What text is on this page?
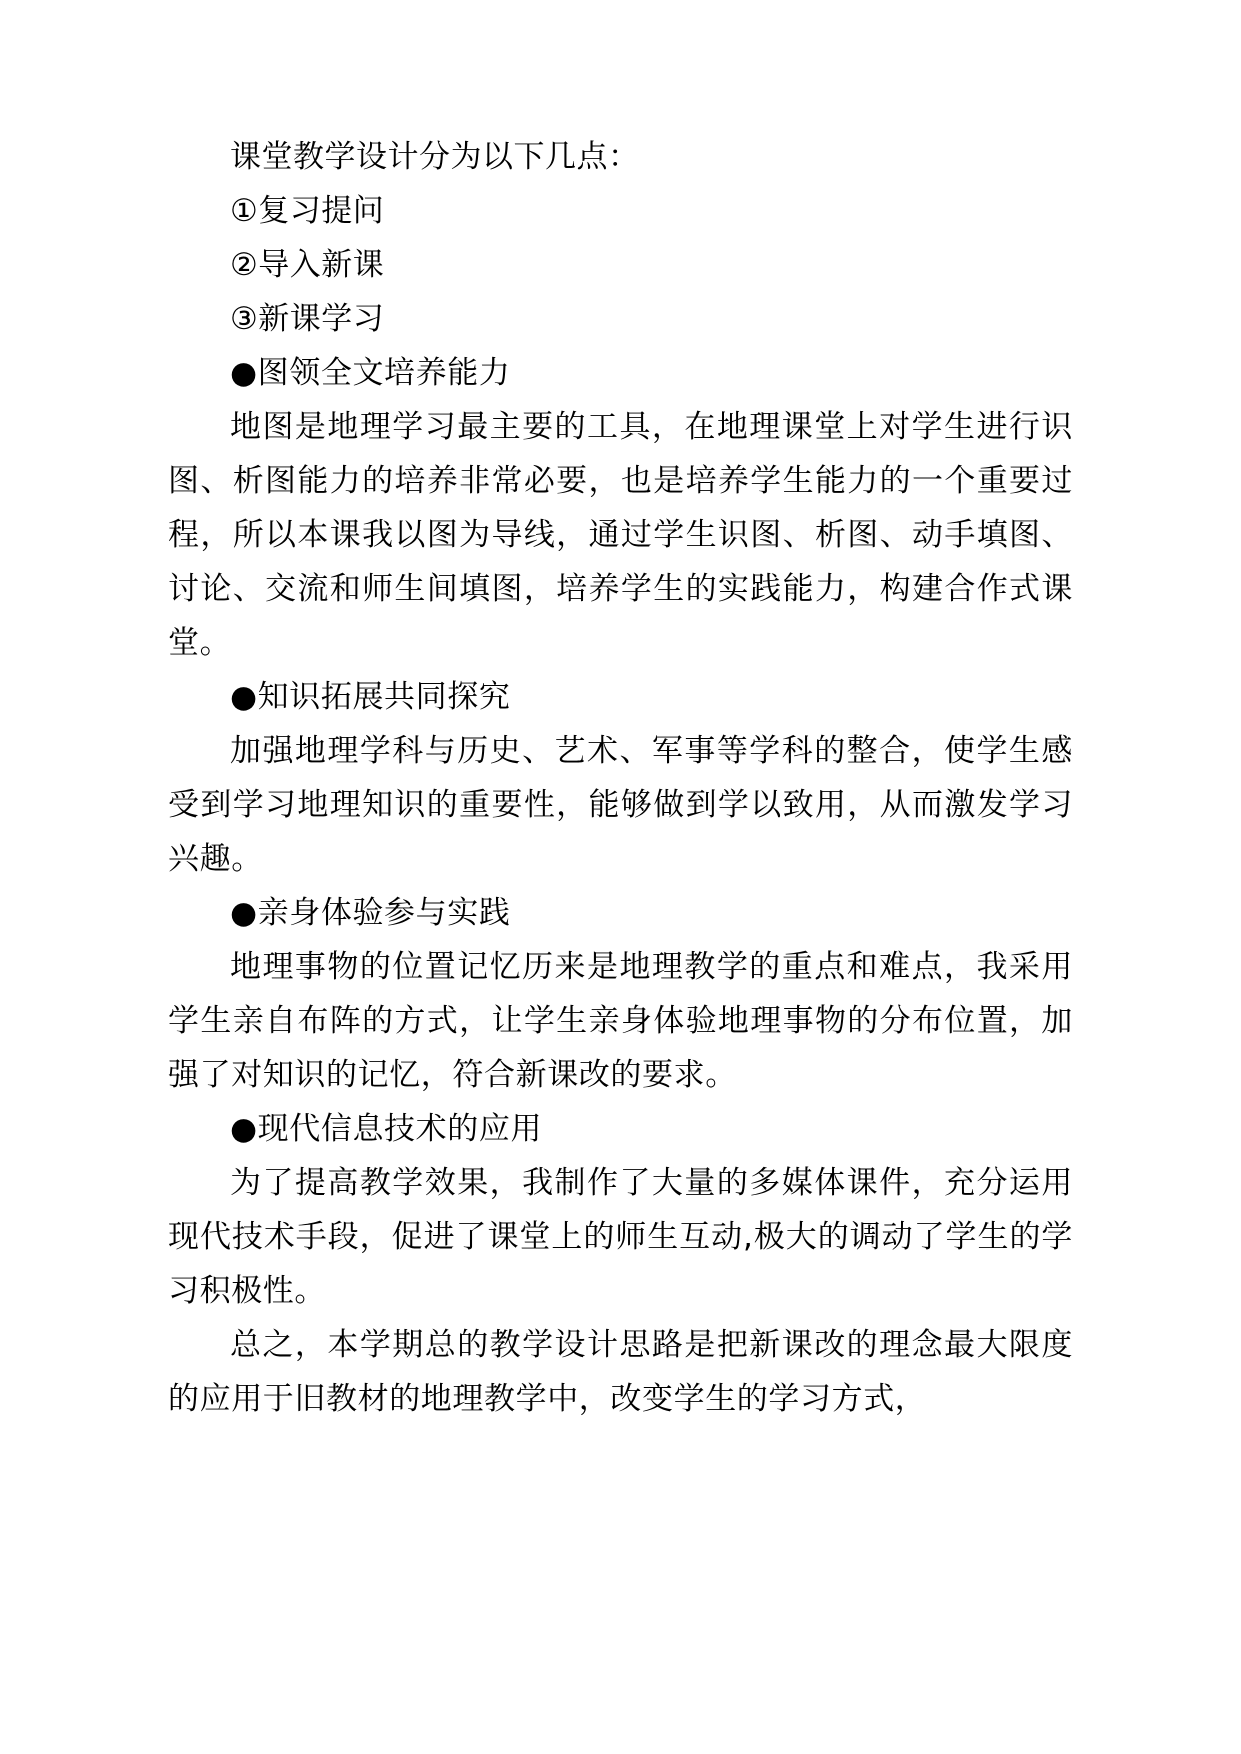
课堂教学设计分为以下几点：
①复习提问
②导入新课
③新课学习
●图领全文培养能力

地图是地理学习最主要的工具，在地理课堂上对学生进行识图、析图能力的培养非常必要，也是培养学生能力的一个重要过程，所以本课我以图为导线，通过学生识图、析图、动手填图、讨论、交流和师生间填图，培养学生的实践能力，构建合作式课堂。

●知识拓展共同探究

加强地理学科与历史、艺术、军事等学科的整合，使学生感受到学习地理知识的重要性，能够做到学以致用，从而激发学习兴趣。

●亲身体验参与实践

地理事物的位置记忆历来是地理教学的重点和难点，我采用学生亲自布阵的方式，让学生亲身体验地理事物的分布位置，加强了对知识的记忆，符合新课改的要求。

●现代信息技术的应用

为了提高教学效果，我制作了大量的多媒体课件，充分运用现代技术手段，促进了课堂上的师生互动,极大的调动了学生的学习积极性。

总之，本学期总的教学设计思路是把新课改的理念最大限度的应用于旧教材的地理教学中，改变学生的学习方式，
